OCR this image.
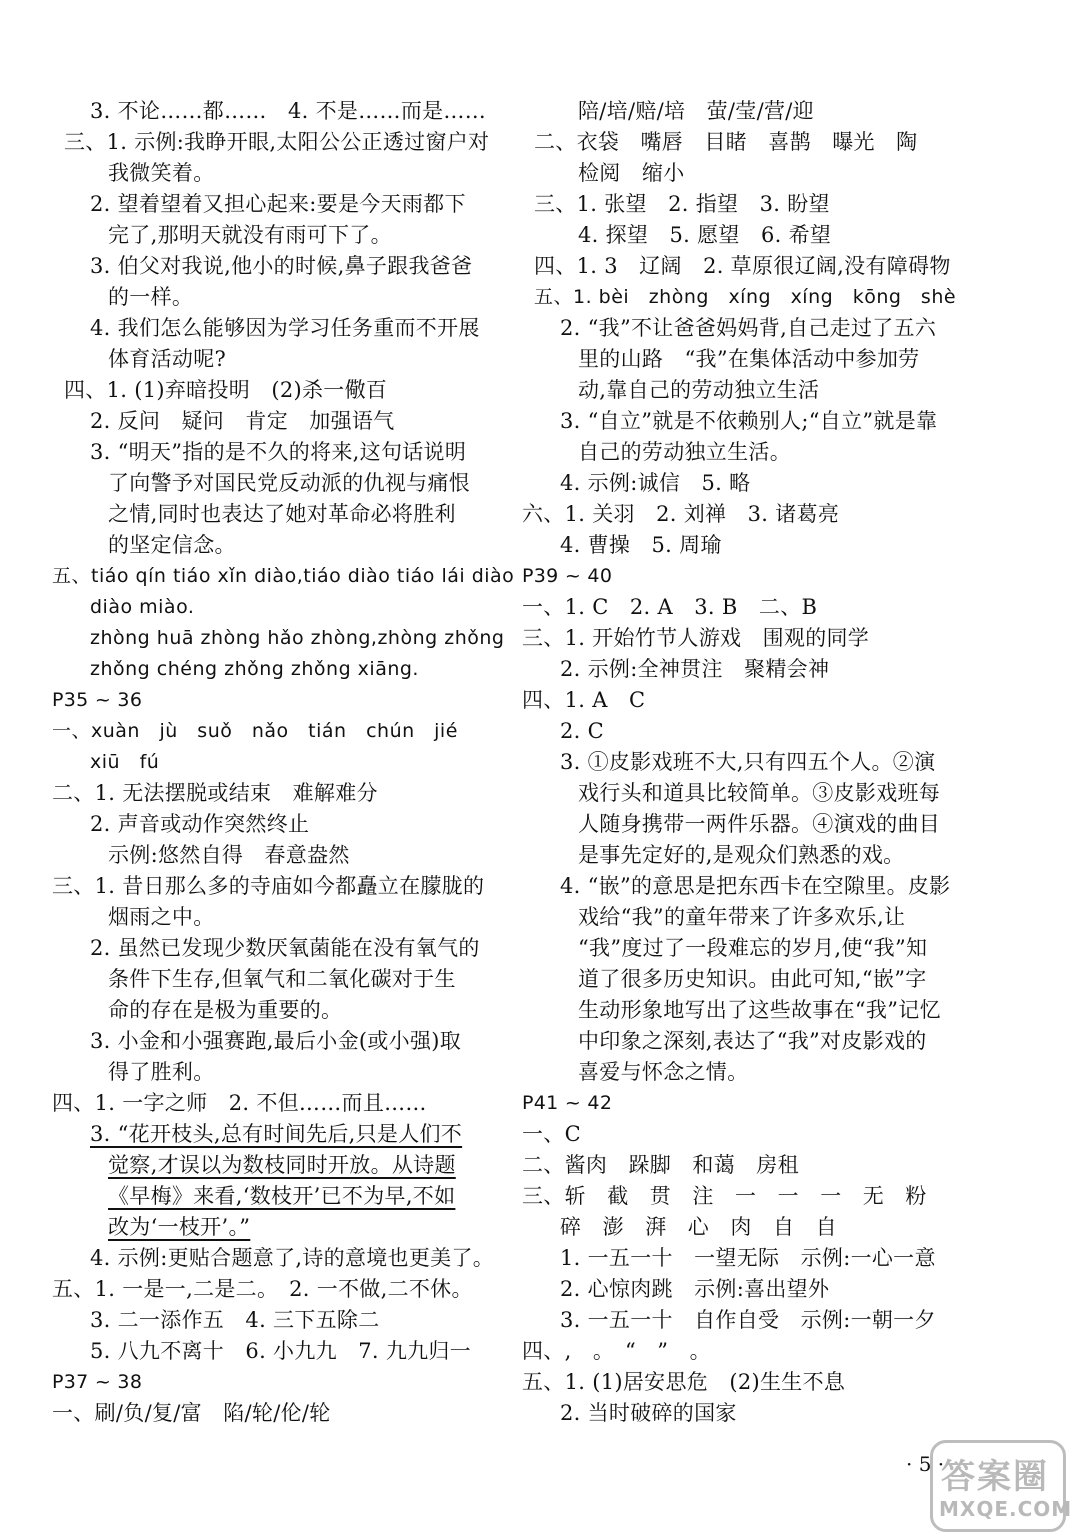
3. 不论……都……　4. 不是……而是……
三、1. 示例:我睁开眼,太阳公公正透过窗户对
我微笑着。
2. 望着望着又担心起来:要是今天雨都下
完了,那明天就没有雨可下了。
3. 伯父对我说,他小的时候,鼻子跟我爸爸
的一样。
4. 我们怎么能够因为学习任务重而不开展
体育活动呢?
四、1. (1)弃暗投明　(2)杀一儆百
2. 反问　疑问　肯定　加强语气
3. “明天”指的是不久的将来,这句话说明
了向警予对国民党反动派的仇视与痛恨
之情,同时也表达了她对革命必将胜利
的坚定信念。
五、tiáo qín tiáo xǐn diào,tiáo diào tiáo lái diào
diào miào.
zhòng huā zhòng hǎo zhòng,zhòng zhǒng
zhǒng chéng zhǒng zhǒng xiāng.
P35 ~ 36
一、xuàn　jù　suǒ　nǎo　tián　chún　jié
xiū　fú
二、1. 无法摆脱或结束　难解难分
2. 声音或动作突然终止
示例:悠然自得　春意盎然
三、1. 昔日那么多的寺庙如今都矗立在朦胧的
烟雨之中。
2. 虽然已发现少数厌氧菌能在没有氧气的
条件下生存,但氧气和二氧化碳对于生
命的存在是极为重要的。
3. 小金和小强赛跑,最后小金(或小强)取
得了胜利。
四、1. 一字之师　2. 不但……而且……
3. “花开枝头,总有时间先后,只是人们不
觉察,才误以为数枝同时开放。从诗题
《早梅》来看,‘数枝开’已不为早,不如
改为‘一枝开’。”
4. 示例:更贴合题意了,诗的意境也更美了。
五、1. 一是一,二是二。　2. 一不做,二不休。
3. 二一添作五　4. 三下五除二
5. 八九不离十　6. 小九九　7. 九九归一
P37 ~ 38
一、刷/负/复/富　陷/轮/伦/轮
陪/培/赔/培　萤/莹/营/迎
二、衣袋　嘴唇　目睹　喜鹊　曝光　陶
检阅　缩小
三、1. 张望　2. 指望　3. 盼望
4. 探望　5. 愿望　6. 希望
四、1. 3　辽阔　2. 草原很辽阔,没有障碍物
五、1. bèi　zhòng　xíng　xíng　kōng　shè
2. “我”不让爸爸妈妈背,自己走过了五六
里的山路　“我”在集体活动中参加劳
动,靠自己的劳动独立生活
3. “自立”就是不依赖别人;“自立”就是靠
自己的劳动独立生活。
4. 示例:诚信　5. 略
六、1. 关羽　2. 刘禅　3. 诸葛亮
4. 曹操　5. 周瑜
P39 ~ 40
一、1. C　2. A　3. B　二、B
三、1. 开始竹节人游戏　围观的同学
2. 示例:全神贯注　聚精会神
四、1. A　C
2. C
3. ①皮影戏班不大,只有四五个人。②演
戏行头和道具比较简单。③皮影戏班每
人随身携带一两件乐器。④演戏的曲目
是事先定好的,是观众们熟悉的戏。
4. “嵌”的意思是把东西卡在空隙里。皮影
戏给“我”的童年带来了许多欢乐,让
“我”度过了一段难忘的岁月,使“我”知
道了很多历史知识。由此可知,“嵌”字
生动形象地写出了这些故事在“我”记忆
中印象之深刻,表达了“我”对皮影戏的
喜爱与怀念之情。
P41 ~ 42
一、C
二、酱肉　跺脚　和蔼　房租
三、斩　截　贯　注　一　一　一　无　粉
碎　澎　湃　心　肉　自　自
1. 一五一十　一望无际　示例:一心一意
2. 心惊肉跳　示例:喜出望外
3. 一五一十　自作自受　示例:一朝一夕
四、,　。　“　”　。
五、1. (1)居安思危　(2)生生不息
2. 当时破碎的国家
· 5 ·
答案圈
MXQE.COM
